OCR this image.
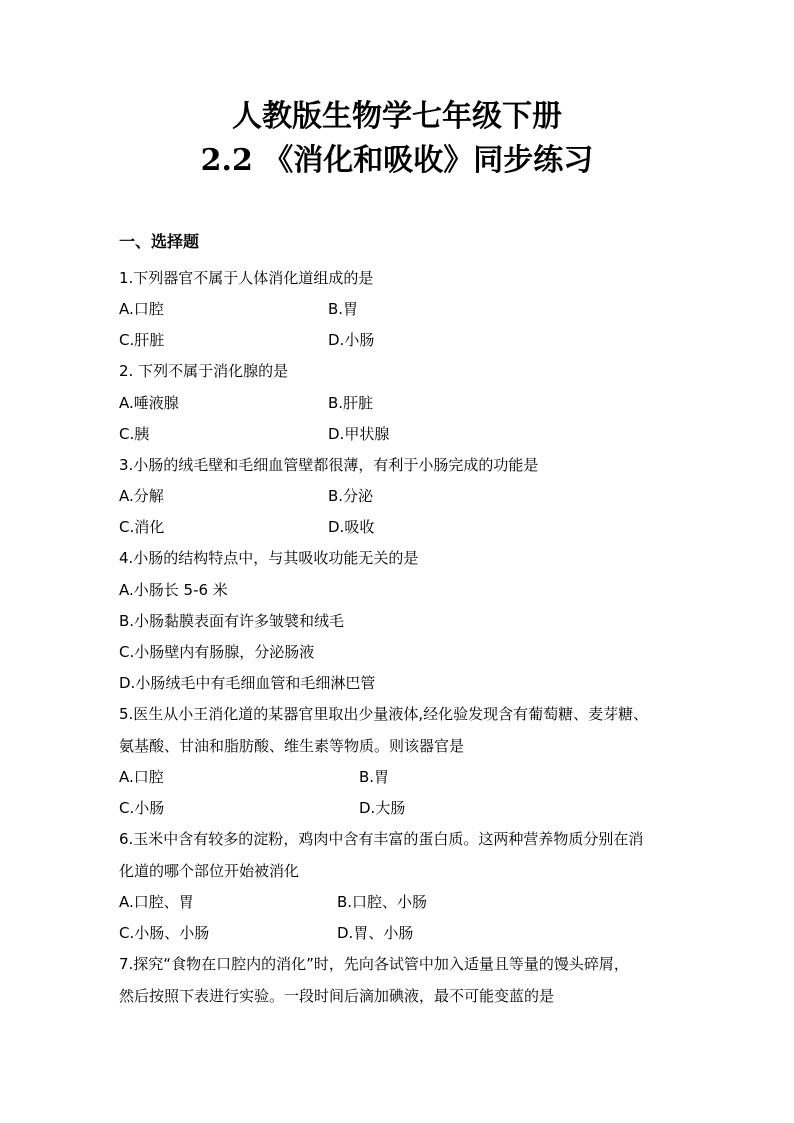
人教版生物学七年级下册
2.2 《消化和吸收》同步练习
一、选择题
1.下列器官不属于人体消化道组成的是
A.口腔	B.胃
C.肝脏	D.小肠
2. 下列不属于消化腺的是
A.唾液腺	B.肝脏
C.胰	D.甲状腺
3.小肠的绒毛壁和毛细血管壁都很薄，有利于小肠完成的功能是
A.分解	B.分泌
C.消化	D.吸收
4.小肠的结构特点中，与其吸收功能无关的是
A.小肠长 5-6 米
B.小肠黏膜表面有许多皱襞和绒毛
C.小肠壁内有肠腺，分泌肠液
D.小肠绒毛中有毛细血管和毛细淋巴管
5.医生从小王消化道的某器官里取出少量液体,经化验发现含有葡萄糖、麦芽糖、
氨基酸、甘油和脂肪酸、维生素等物质。则该器官是
A.口腔	B.胃
C.小肠	D.大肠
6.玉米中含有较多的淀粉，鸡肉中含有丰富的蛋白质。这两种营养物质分别在消
化道的哪个部位开始被消化
A.口腔、胃	B.口腔、小肠
C.小肠、小肠	D.胃、小肠
7.探究“食物在口腔内的消化”时，先向各试管中加入适量且等量的馒头碎屑，
然后按照下表进行实验。一段时间后滴加碘液，最不可能变蓝的是
